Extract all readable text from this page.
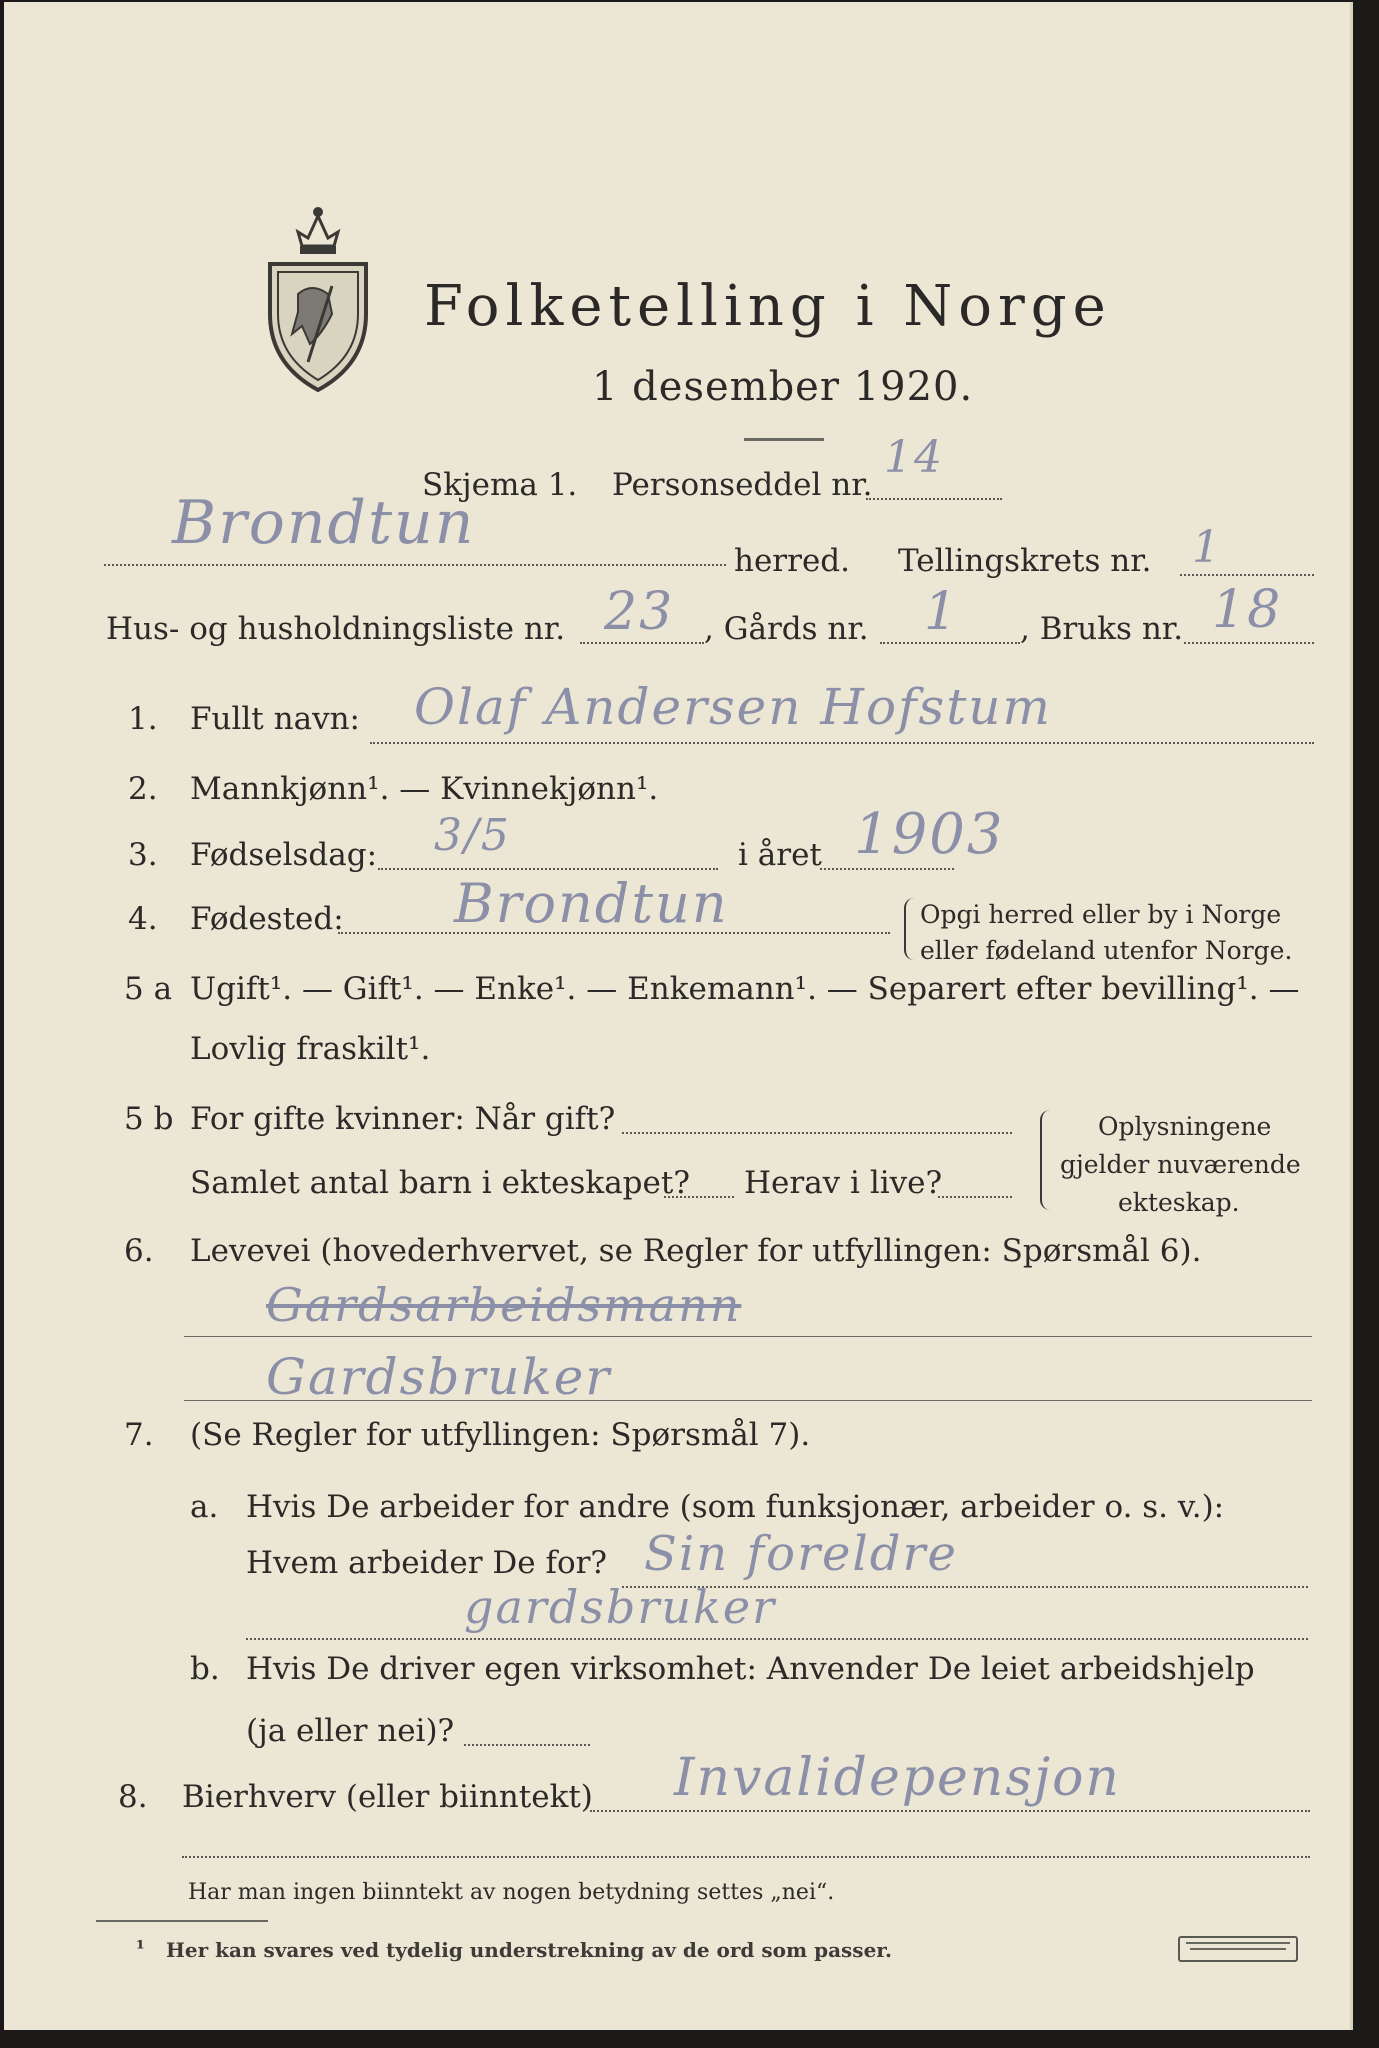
Folketelling i Norge
1 desember 1920.
Skjema 1. Personseddel nr.
14
Brondtun
herred. Tellingskrets nr. 1
Hus- og husholdningsliste nr. 23 , Gårds nr. 1 , Bruks nr. 18
1. Fullt navn: Olaf Andersen Hofstum
2. Mannkjønn¹. — Kvinnekjønn¹.
3. Fødselsdag: 3/5	i året 1903
4. Fødested: Brondtun	Opgi herred eller by i Norge
eller fødeland utenfor Norge.
5 a Ugift¹. — Gift¹. — Enke¹. — Enkemann¹. — Separert efter bevilling¹. —
Lovlig fraskilt¹.
5 b For gifte kvinner: Når gift?
Samlet antal barn i ekteskapet? Herav i live?
Oplysningene
gjelder nuværende
ekteskap.
6. Levevei (hovederhvervet, se Regler for utfyllingen: Spørsmål 6).
Gardsarbeidsmann
Gardsbruker
7. (Se Regler for utfyllingen: Spørsmål 7).
a. Hvis De arbeider for andre (som funksjonær, arbeider o. s. v.):
Hvem arbeider De for? Sin foreldre
gardsbruker
b. Hvis De driver egen virksomhet: Anvender De leiet arbeidshjelp
(ja eller nei)?
8. Bierhverv (eller biinntekt) Invalidepensjon
Har man ingen biinntekt av nogen betydning settes „nei“.
¹ Her kan svares ved tydelig understrekning av de ord som passer.
